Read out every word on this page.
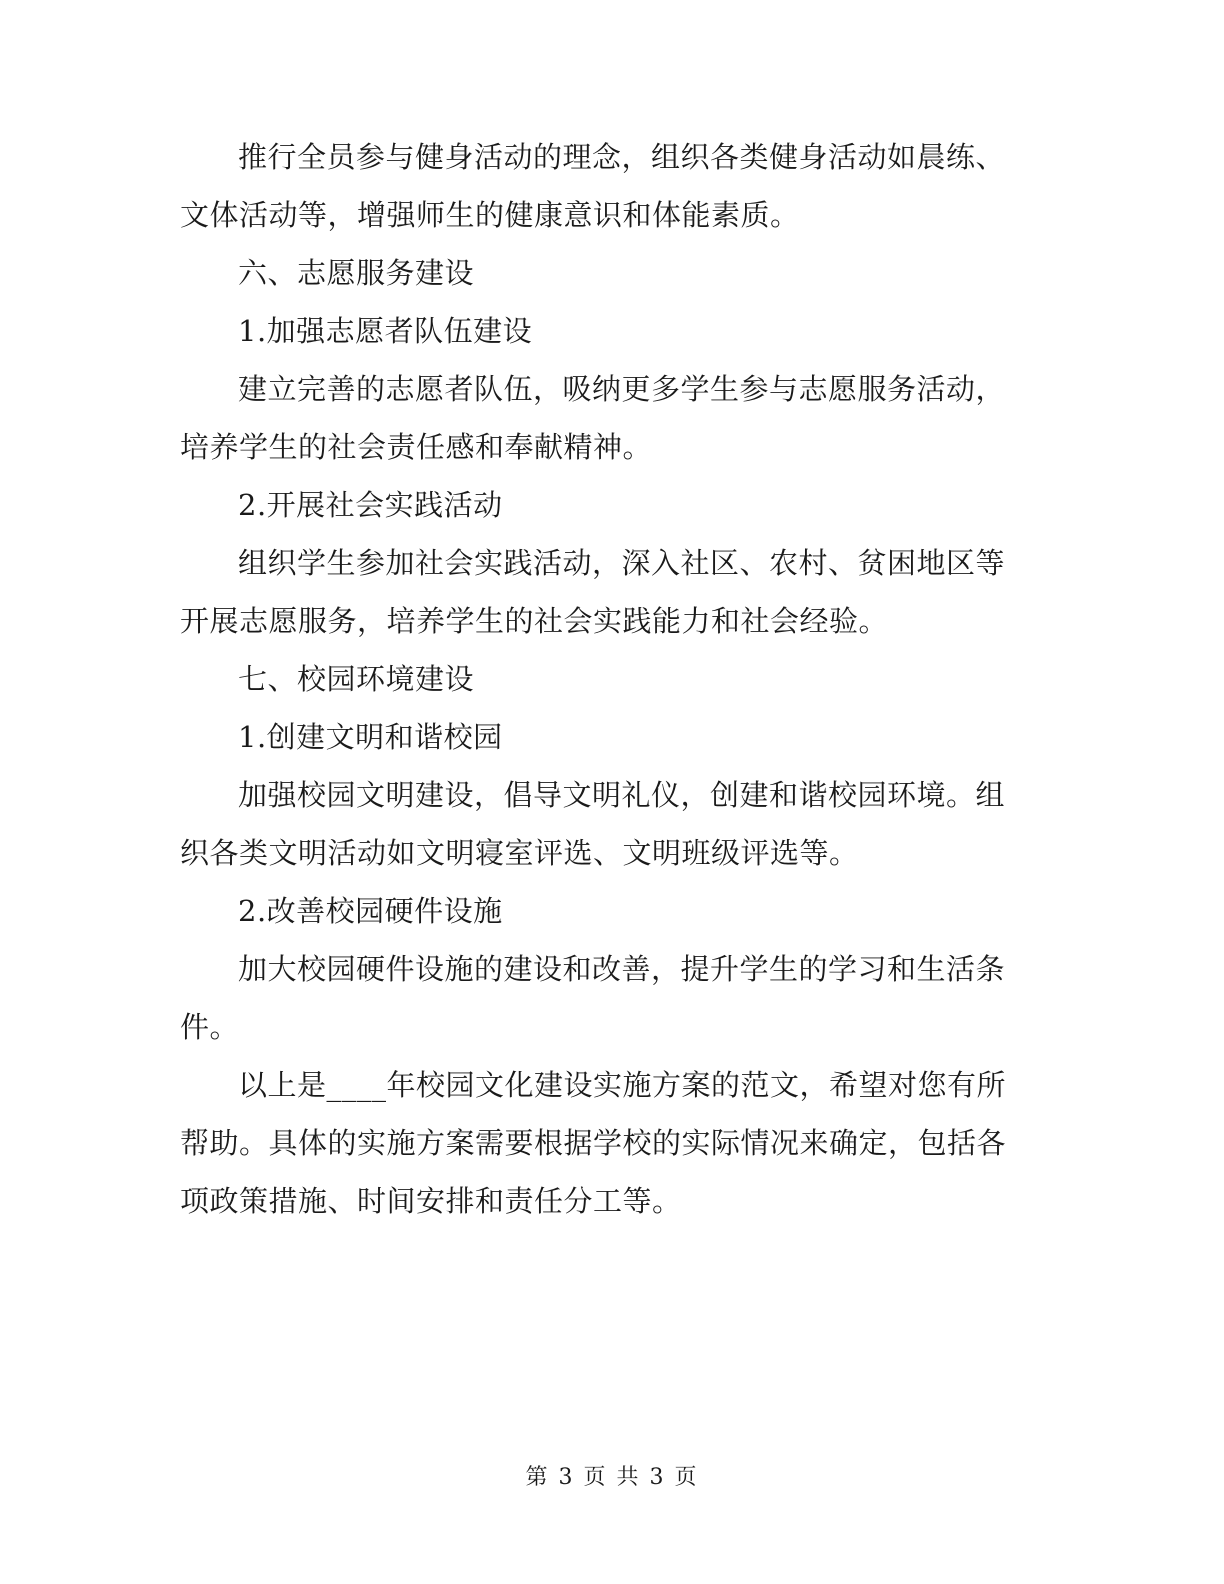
推行全员参与健身活动的理念，组织各类健身活动如晨练、
文体活动等，增强师生的健康意识和体能素质。
六、志愿服务建设
1.加强志愿者队伍建设
建立完善的志愿者队伍，吸纳更多学生参与志愿服务活动，
培养学生的社会责任感和奉献精神。
2.开展社会实践活动
组织学生参加社会实践活动，深入社区、农村、贫困地区等
开展志愿服务，培养学生的社会实践能力和社会经验。
七、校园环境建设
1.创建文明和谐校园
加强校园文明建设，倡导文明礼仪，创建和谐校园环境。组
织各类文明活动如文明寝室评选、文明班级评选等。
2.改善校园硬件设施
加大校园硬件设施的建设和改善，提升学生的学习和生活条
件。
以上是____年校园文化建设实施方案的范文，希望对您有所
帮助。具体的实施方案需要根据学校的实际情况来确定，包括各
项政策措施、时间安排和责任分工等。
第 3 页 共 3 页
